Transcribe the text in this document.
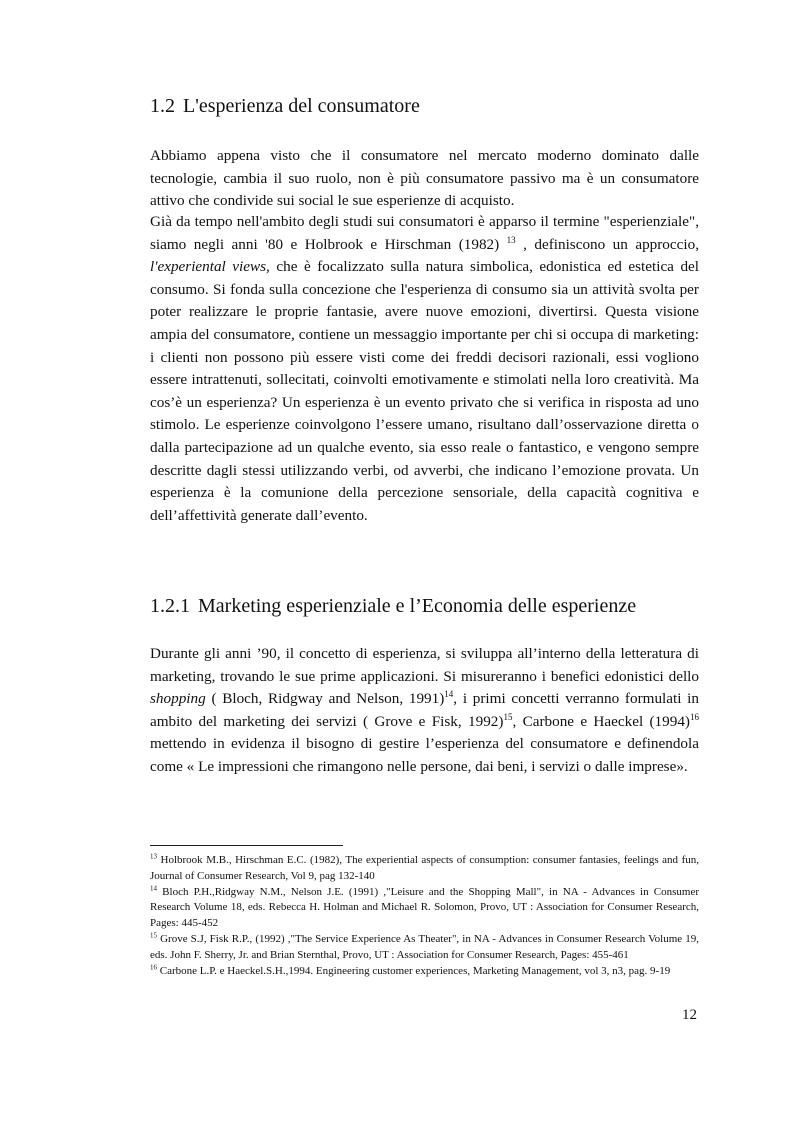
1.2 L'esperienza del consumatore

Abbiamo appena visto che il consumatore nel mercato moderno dominato dalle tecnologie, cambia il suo ruolo, non è più consumatore passivo ma è un consumatore attivo che condivide sui social le sue esperienze di acquisto.

Già da tempo nell'ambito degli studi sui consumatori è apparso il termine "esperienziale", siamo negli anni '80 e Holbrook e Hirschman (1982) $^{13}$ , definiscono un approccio, l'experiental views, che è focalizzato sulla natura simbolica, edonistica ed estetica del consumo. Si fonda sulla concezione che l'esperienza di consumo sia un attività svolta per poter realizzare le proprie fantasie, avere nuove emozioni, divertirsi. Questa visione ampia del consumatore, contiene un messaggio importante per chi si occupa di marketing: i clienti non possono più essere visti come dei freddi decisori razionali, essi vogliono essere intrattenuti, sollecitati, coinvolti emotivamente e stimolati nella loro creatività. Ma cos’è un esperienza? Un esperienza è un evento privato che si verifica in risposta ad uno stimolo. Le esperienze coinvolgono l’essere umano, risultano dall’osservazione diretta o dalla partecipazione ad un qualche evento, sia esso reale o fantastico, e vengono sempre descritte dagli stessi utilizzando verbi, od avverbi, che indicano l’emozione provata. Un esperienza è la comunione della percezione sensoriale, della capacità cognitiva e dell’affettività generate dall’evento.

1.2.1 Marketing esperienziale e l’Economia delle esperienze

Durante gli anni ’90, il concetto di esperienza, si sviluppa all’interno della letteratura di marketing, trovando le sue prime applicazioni. Si misureranno i benefici edonistici dello shopping ( Bloch, Ridgway and Nelson, 1991)$^{14}$, i primi concetti verranno formulati in ambito del marketing dei servizi ( Grove e Fisk, 1992)$^{15}$, Carbone e Haeckel $(1994)^{16}$ mettendo in evidenza il bisogno di gestire l’esperienza del consumatore e definendola come « Le impressioni che rimangono nelle persone, dai beni, i servizi o dalle imprese».

$^{13}$ Holbrook M.B., Hirschman E.C. (1982), The experiential aspects of consumption: consumer fantasies, feelings and fun, Journal of Consumer Research, Vol 9, pag 132-140

$^{14}$ Bloch P.H.,Ridgway N.M., Nelson J.E. (1991) ,"Leisure and the Shopping Mall", in NA - Advances in Consumer Research Volume 18, eds. Rebecca H. Holman and Michael R. Solomon, Provo, UT : Association for Consumer Research, Pages: 445-452

$^{15}$ Grove S.J, Fisk R.P., (1992) ,"The Service Experience As Theater", in NA - Advances in Consumer Research Volume 19, eds. John F. Sherry, Jr. and Brian Sternthal, Provo, UT : Association for Consumer Research, Pages: 455-461

$^{16}$ Carbone L.P. e Haeckel.S.H.,1994. Engineering customer experiences, Marketing Management, vol 3, n3, pag. 9-19

12
